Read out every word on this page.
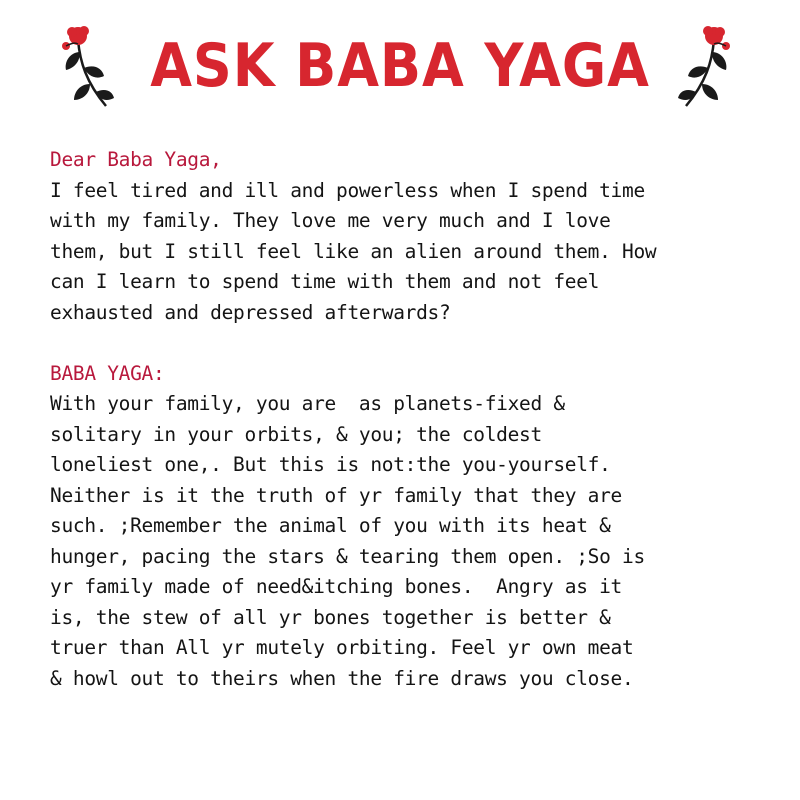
ASK BABA YAGA
Dear Baba Yaga,
I feel tired and ill and powerless when I spend time
with my family. They love me very much and I love
them, but I still feel like an alien around them. How
can I learn to spend time with them and not feel
exhausted and depressed afterwards?
BABA YAGA:
With your family, you are  as planets-fixed &
solitary in your orbits, & you; the coldest
loneliest one,. But this is not:the you-yourself.
Neither is it the truth of yr family that they are
such. ;Remember the animal of you with its heat &
hunger, pacing the stars & tearing them open. ;So is
yr family made of need&itching bones.  Angry as it
is, the stew of all yr bones together is better &
truer than All yr mutely orbiting. Feel yr own meat
& howl out to theirs when the fire draws you close.
